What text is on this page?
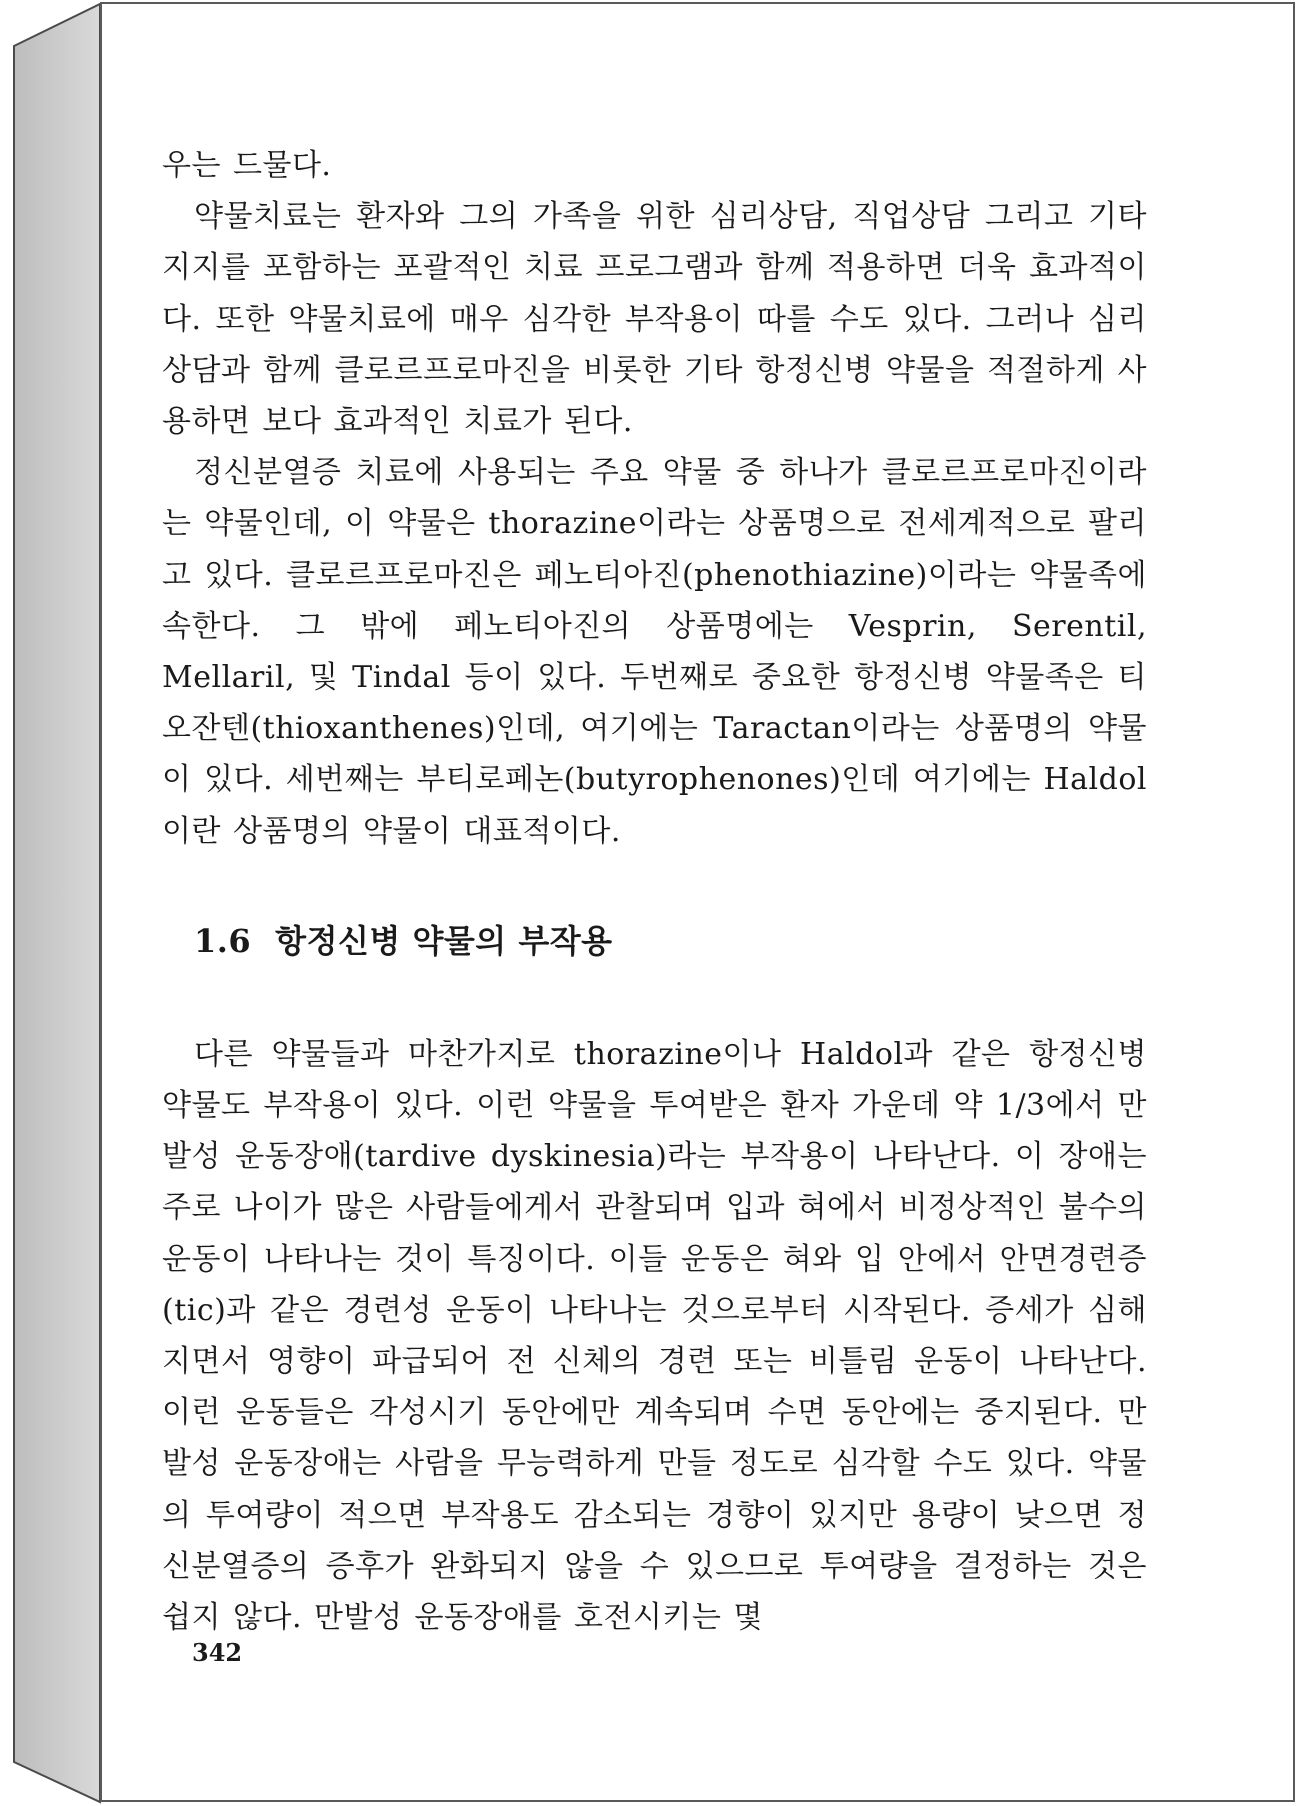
우는 드물다.

약물치료는 환자와 그의 가족을 위한 심리상담, 직업상담 그리고 기타 지지를 포함하는 포괄적인 치료 프로그램과 함께 적용하면 더욱 효과적이다. 또한 약물치료에 매우 심각한 부작용이 따를 수도 있다. 그러나 심리 상담과 함께 클로르프로마진을 비롯한 기타 항정신병 약물을 적절하게 사용하면 보다 효과적인 치료가 된다.

정신분열증 치료에 사용되는 주요 약물 중 하나가 클로르프로마진이라는 약물인데, 이 약물은 thorazine이라는 상품명으로 전세계적으로 팔리고 있다. 클로르프로마진은 페노티아진(phenothiazine)이라는 약물족에 속한다. 그 밖에 페노티아진의 상품명에는 Vesprin, Serentil, Mellaril, 및 Tindal 등이 있다. 두번째로 중요한 항정신병 약물족은 티오잔텐(thioxanthenes)인데, 여기에는 Taractan이라는 상품명의 약물이 있다. 세번째는 부티로페논(butyrophenones)인데 여기에는 Haldol이란 상품명의 약물이 대표적이다.

1.6 항정신병 약물의 부작용

다른 약물들과 마찬가지로 thorazine이나 Haldol과 같은 항정신병 약물도 부작용이 있다. 이런 약물을 투여받은 환자 가운데 약 1/3에서 만발성 운동장애(tardive dyskinesia)라는 부작용이 나타난다. 이 장애는 주로 나이가 많은 사람들에게서 관찰되며 입과 혀에서 비정상적인 불수의 운동이 나타나는 것이 특징이다. 이들 운동은 혀와 입 안에서 안면경련증(tic)과 같은 경련성 운동이 나타나는 것으로부터 시작된다. 증세가 심해지면서 영향이 파급되어 전 신체의 경련 또는 비틀림 운동이 나타난다. 이런 운동들은 각성시기 동안에만 계속되며 수면 동안에는 중지된다. 만발성 운동장애는 사람을 무능력하게 만들 정도로 심각할 수도 있다. 약물의 투여량이 적으면 부작용도 감소되는 경향이 있지만 용량이 낮으면 정신분열증의 증후가 완화되지 않을 수 있으므로 투여량을 결정하는 것은 쉽지 않다. 만발성 운동장애를 호전시키는 몇

342
